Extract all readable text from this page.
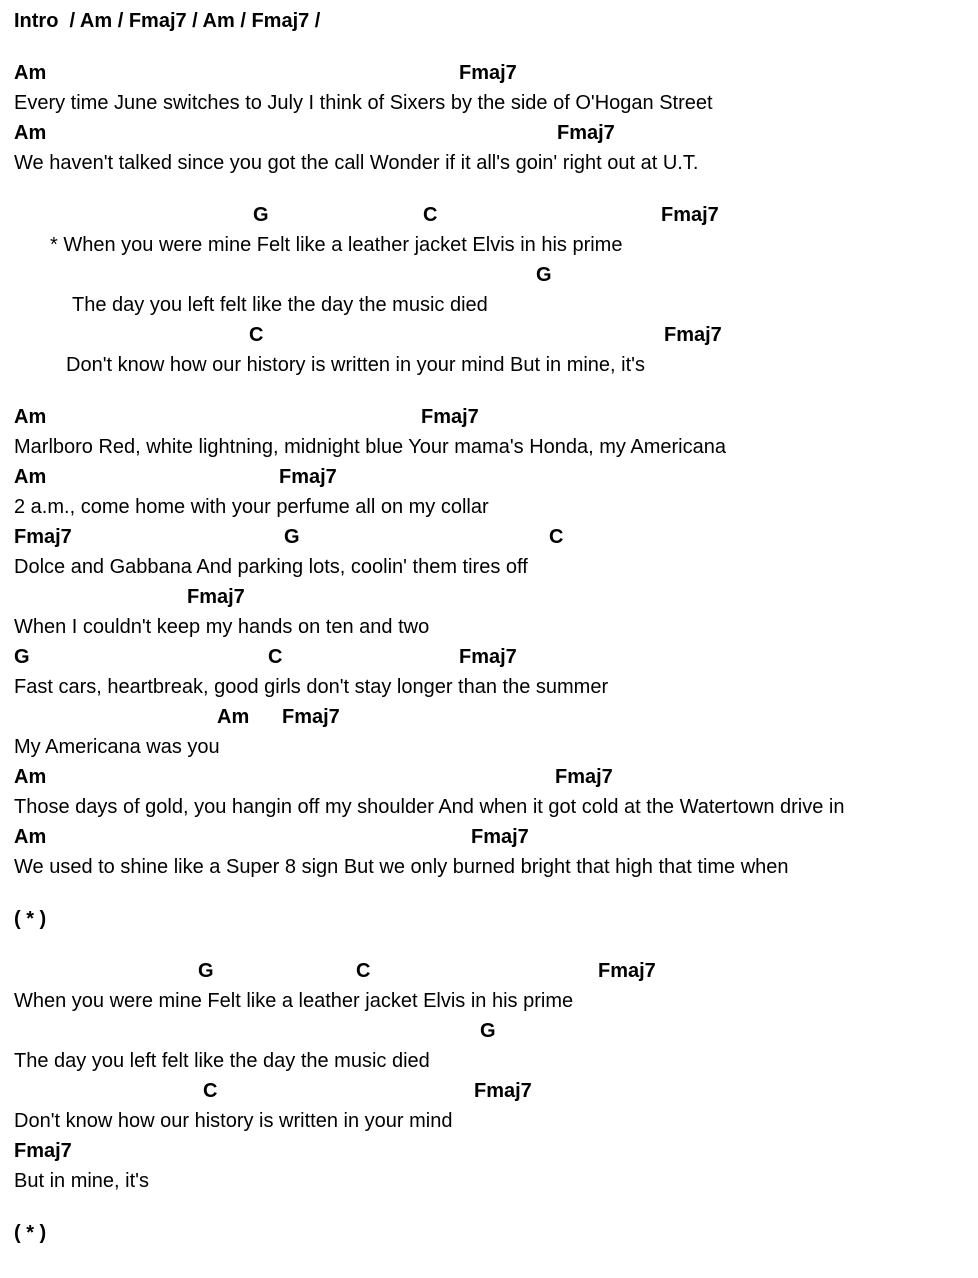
Intro  / Am / Fmaj7 / Am / Fmaj7 /
Am	Fmaj7
Every time June switches to July I think of Sixers by the side of O'Hogan Street
Am	Fmaj7
We haven't talked since you got the call Wonder if it all's goin' right out at U.T.
G	C	Fmaj7
* When you were mine Felt like a leather jacket Elvis in his prime
G
The day you left felt like the day the music died
C	Fmaj7
Don't know how our history is written in your mind But in mine, it's
Am	Fmaj7
Marlboro Red, white lightning, midnight blue Your mama's Honda, my Americana
Am	Fmaj7
2 a.m., come home with your perfume all on my collar
Fmaj7	G	C
Dolce and Gabbana And parking lots, coolin' them tires off
Fmaj7
When I couldn't keep my hands on ten and two
G	C	Fmaj7
Fast cars, heartbreak, good girls don't stay longer than the summer
Am Fmaj7
My Americana was you
Am	Fmaj7
Those days of gold, you hangin off my shoulder And when it got cold at the Watertown drive in
Am	Fmaj7
We used to shine like a Super 8 sign But we only burned bright that high that time when
( * )
G	C	Fmaj7
When you were mine Felt like a leather jacket Elvis in his prime
G
The day you left felt like the day the music died
C	Fmaj7
Don't know how our history is written in your mind
Fmaj7
But in mine, it's
( * )
